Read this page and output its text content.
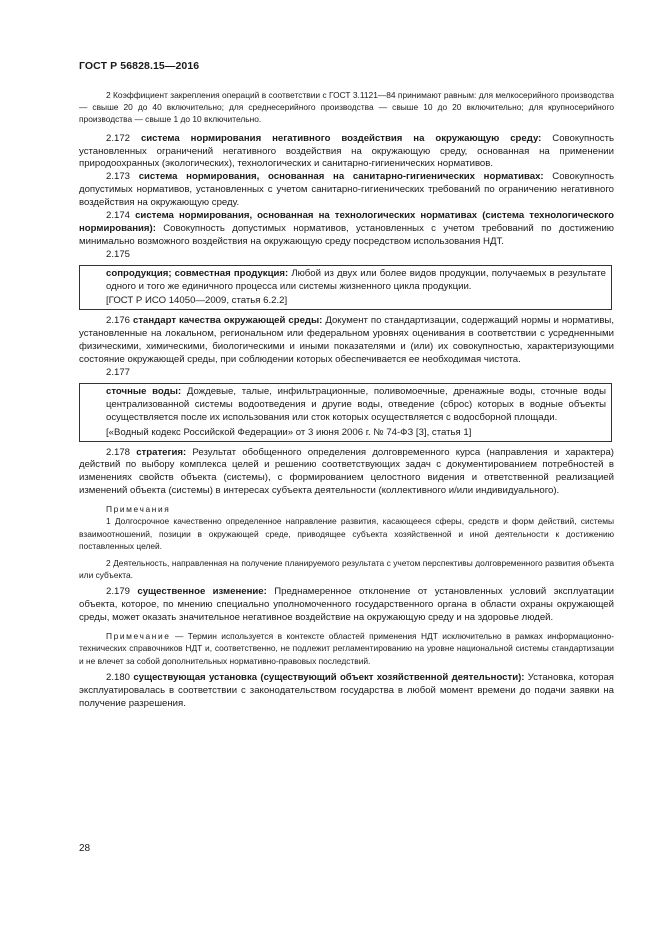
ГОСТ Р 56828.15—2016

2 Коэффициент закрепления операций в соответствии с ГОСТ 3.1121—84 принимают равным: для мелкосерийного производства — свыше 20 до 40 включительно; для среднесерийного производства — свыше 10 до 20 включительно; для крупносерийного производства — свыше 1 до 10 включительно.

2.172 система нормирования негативного воздействия на окружающую среду: Совокупность установленных ограничений негативного воздействия на окружающую среду, основанная на применении природоохранных (экологических), технологических и санитарно-гигиенических нормативов.

2.173 система нормирования, основанная на санитарно-гигиенических нормативах: Совокупность допустимых нормативов, установленных с учетом санитарно-гигиенических требований по ограничению негативного воздействия на окружающую среду.

2.174 система нормирования, основанная на технологических нормативах (система технологического нормирования): Совокупность допустимых нормативов, установленных с учетом требований по достижению минимально возможного воздействия на окружающую среду посредством использования НДТ.

2.175

сопродукция; совместная продукция: Любой из двух или более видов продукции, получаемых в результате одного и того же единичного процесса или системы жизненного цикла продукции.

[ГОСТ Р ИСО 14050—2009, статья 6.2.2]

2.176 стандарт качества окружающей среды: Документ по стандартизации, содержащий нормы и нормативы, установленные на локальном, региональном или федеральном уровнях оценивания в соответствии с усредненными физическими, химическими, биологическими и иными показателями и (или) их совокупностью, характеризующими состояние окружающей среды, при соблюдении которых обеспечивается ее необходимая чистота.

2.177

сточные воды: Дождевые, талые, инфильтрационные, поливомоечные, дренажные воды, сточные воды централизованной системы водоотведения и другие воды, отведение (сброс) которых в водные объекты осуществляется после их использования или сток которых осуществляется с водосборной площади.

[«Водный кодекс Российской Федерации» от 3 июня 2006 г. № 74-ФЗ [3], статья 1]

2.178 стратегия: Результат обобщенного определения долговременного курса (направления и характера) действий по выбору комплекса целей и решению соответствующих задач с документированием потребностей в изменениях свойств объекта (системы), с формированием целостного видения и ответственной реализацией изменений объекта (системы) в интересах субъекта деятельности (коллективного и/или индивидуального).

Примечания

1 Долгосрочное качественно определенное направление развития, касающееся сферы, средств и форм действий, системы взаимоотношений, позиции в окружающей среде, приводящее субъекта хозяйственной и иной деятельности к достижению поставленных целей.

2 Деятельность, направленная на получение планируемого результата с учетом перспективы долговременного развития объекта или субъекта.

2.179 существенное изменение: Преднамеренное отклонение от установленных условий эксплуатации объекта, которое, по мнению специально уполномоченного государственного органа в области охраны окружающей среды, может оказать значительное негативное воздействие на окружающую среду и на здоровье людей.

Примечание — Термин используется в контексте областей применения НДТ исключительно в рамках информационно-технических справочников НДТ и, соответственно, не подлежит регламентированию на уровне национальной системы стандартизации и не влечет за собой дополнительных нормативно-правовых последствий.

2.180 существующая установка (существующий объект хозяйственной деятельности): Установка, которая эксплуатировалась в соответствии с законодательством государства в любой момент времени до подачи заявки на получение разрешения.

28
